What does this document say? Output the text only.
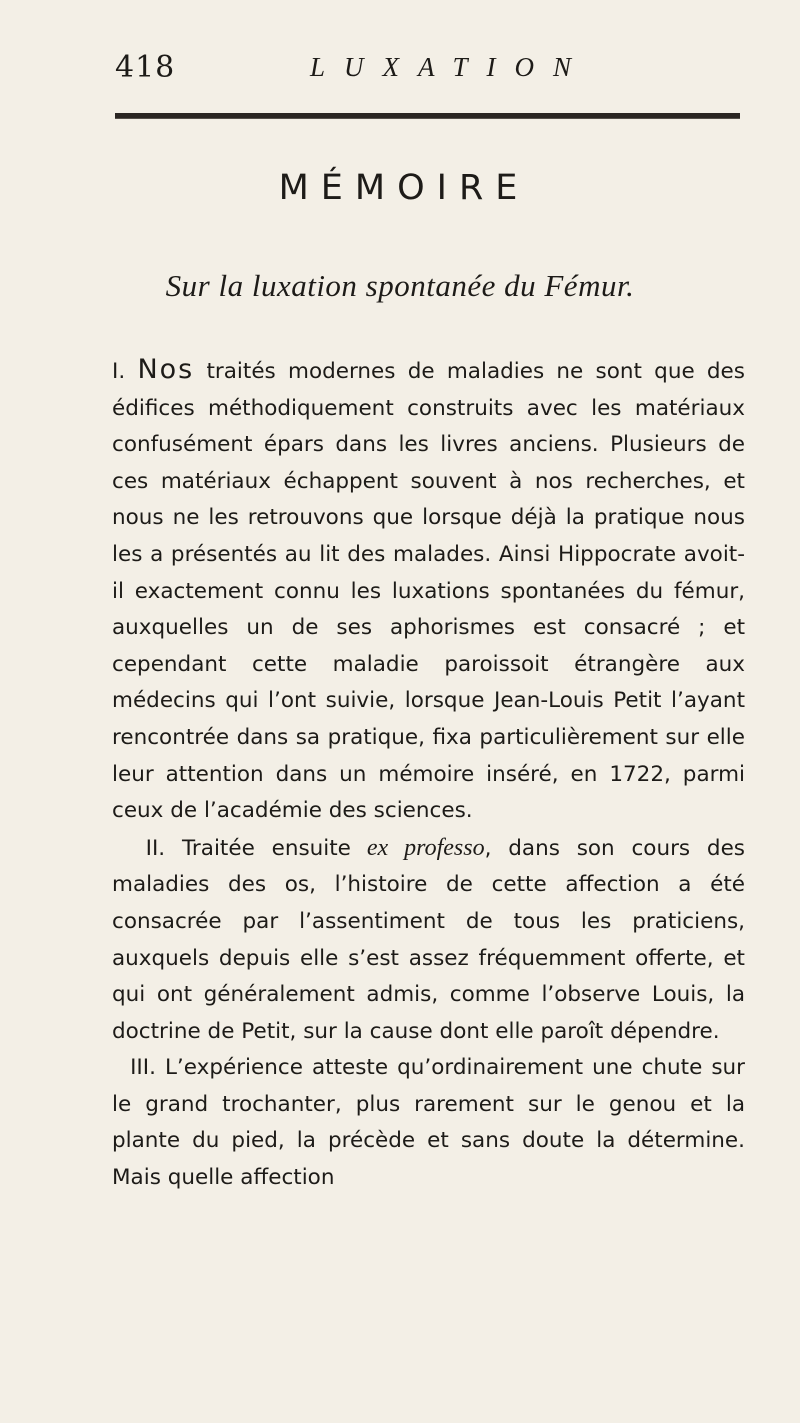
418	LUXATION
MÉMOIRE
Sur la luxation spontanée du Fémur.

I. Nos traités modernes de maladies ne sont que des édifices méthodiquement construits avec les matériaux confusément épars dans les livres anciens. Plusieurs de ces matériaux échappent souvent à nos recherches, et nous ne les retrouvons que lorsque déjà la pratique nous les a présentés au lit des malades. Ainsi Hippocrate avoit-il exactement connu les luxations spontanées du fémur, auxquelles un de ses aphorismes est consacré ; et cependant cette maladie paroissoit étrangère aux médecins qui l’ont suivie, lorsque Jean-Louis Petit l’ayant rencontrée dans sa pratique, fixa particulièrement sur elle leur attention dans un mémoire inséré, en 1722, parmi ceux de l’académie des sciences.

II. Traitée ensuite ex professo, dans son cours des maladies des os, l’histoire de cette affection a été consacrée par l’assentiment de tous les praticiens, auxquels depuis elle s’est assez fréquemment offerte, et qui ont généralement admis, comme l’observe Louis, la doctrine de Petit, sur la cause dont elle paroît dépendre.

III. L’expérience atteste qu’ordinairement une chute sur le grand trochanter, plus rarement sur le genou et la plante du pied, la précède et sans doute la détermine. Mais quelle affection
